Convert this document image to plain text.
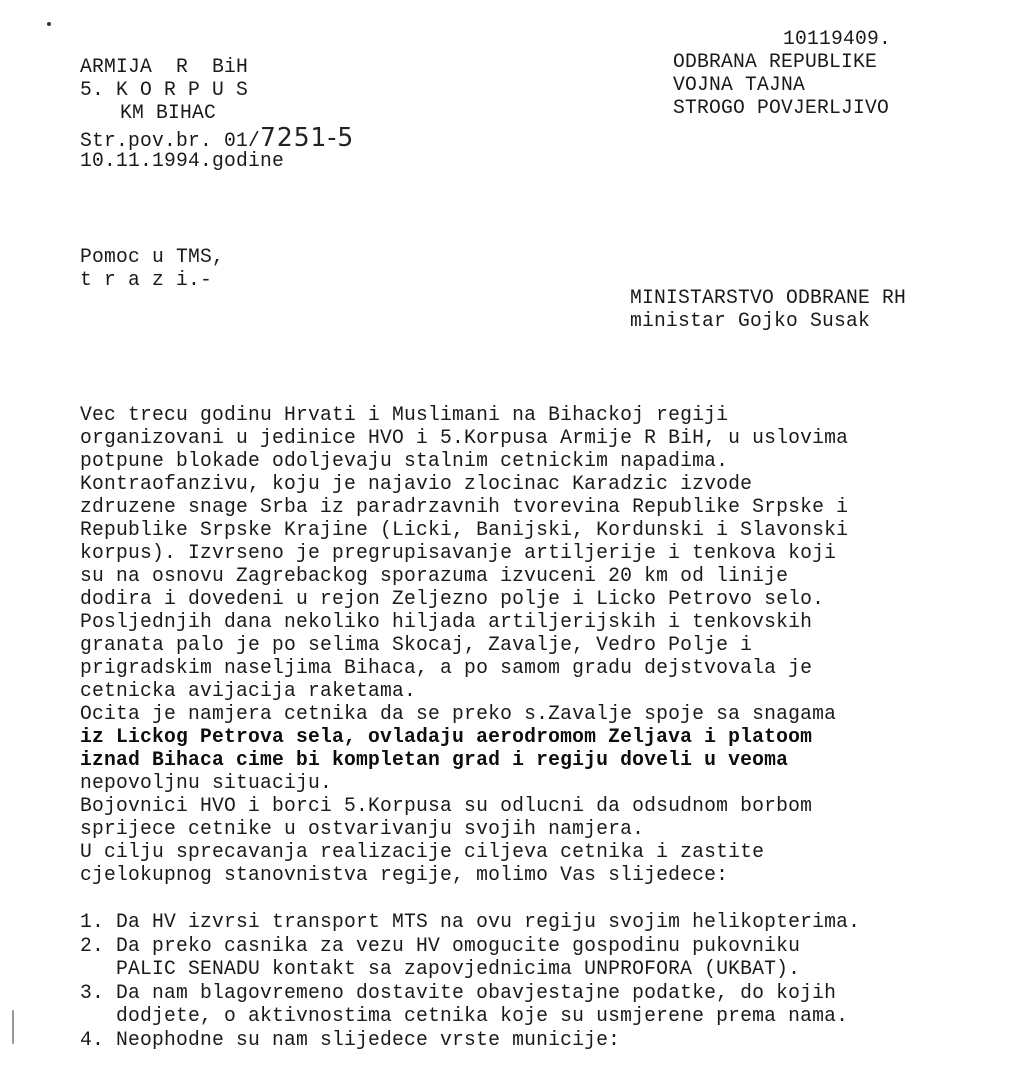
ARMIJA  R  BiH
5. K O R P U S
KM BIHAC
Str.pov.br. 01/7251-5
10.11.1994.godine
10119409.
ODBRANA REPUBLIKE
VOJNA TAJNA
STROGO POVJERLJIVO
Pomoc u TMS,
t r a z i.-
MINISTARSTVO ODBRANE RH
ministar Gojko Susak
Vec trecu godinu Hrvati i Muslimani na Bihackoj regiji
organizovani u jedinice HVO i 5.Korpusa Armije R BiH, u uslovima
potpune blokade odoljevaju stalnim cetnickim napadima.
Kontraofanzivu, koju je najavio zlocinac Karadzic izvode
zdruzene snage Srba iz paradrzavnih tvorevina Republike Srpske i
Republike Srpske Krajine (Licki, Banijski, Kordunski i Slavonski
korpus). Izvrseno je pregrupisavanje artiljerije i tenkova koji
su na osnovu Zagrebackog sporazuma izvuceni 20 km od linije
dodira i dovedeni u rejon Zeljezno polje i Licko Petrovo selo.
Posljednjih dana nekoliko hiljada artiljerijskih i tenkovskih
granata palo je po selima Skocaj, Zavalje, Vedro Polje i
prigradskim naseljima Bihaca, a po samom gradu dejstvovala je
cetnicka avijacija raketama.
Ocita je namjera cetnika da se preko s.Zavalje spoje sa snagama
iz Lickog Petrova sela, ovladaju aerodromom Zeljava i platoom
iznad Bihaca cime bi kompletan grad i regiju doveli u veoma
nepovoljnu situaciju.
Bojovnici HVO i borci 5.Korpusa su odlucni da odsudnom borbom
sprijece cetnike u ostvarivanju svojih namjera.
U cilju sprecavanja realizacije ciljeva cetnika i zastite
cjelokupnog stanovnistva regije, molimo Vas slijedece:
1. Da HV izvrsi transport MTS na ovu regiju svojim helikopterima.
2. Da preko casnika za vezu HV omogucite gospodinu pukovniku
PALIC SENADU kontakt sa zapovjednicima UNPROFORA (UKBAT).
3. Da nam blagovremeno dostavite obavjestajne podatke, do kojih
dodjete, o aktivnostima cetnika koje su usmjerene prema nama.
4. Neophodne su nam slijedece vrste municije:
